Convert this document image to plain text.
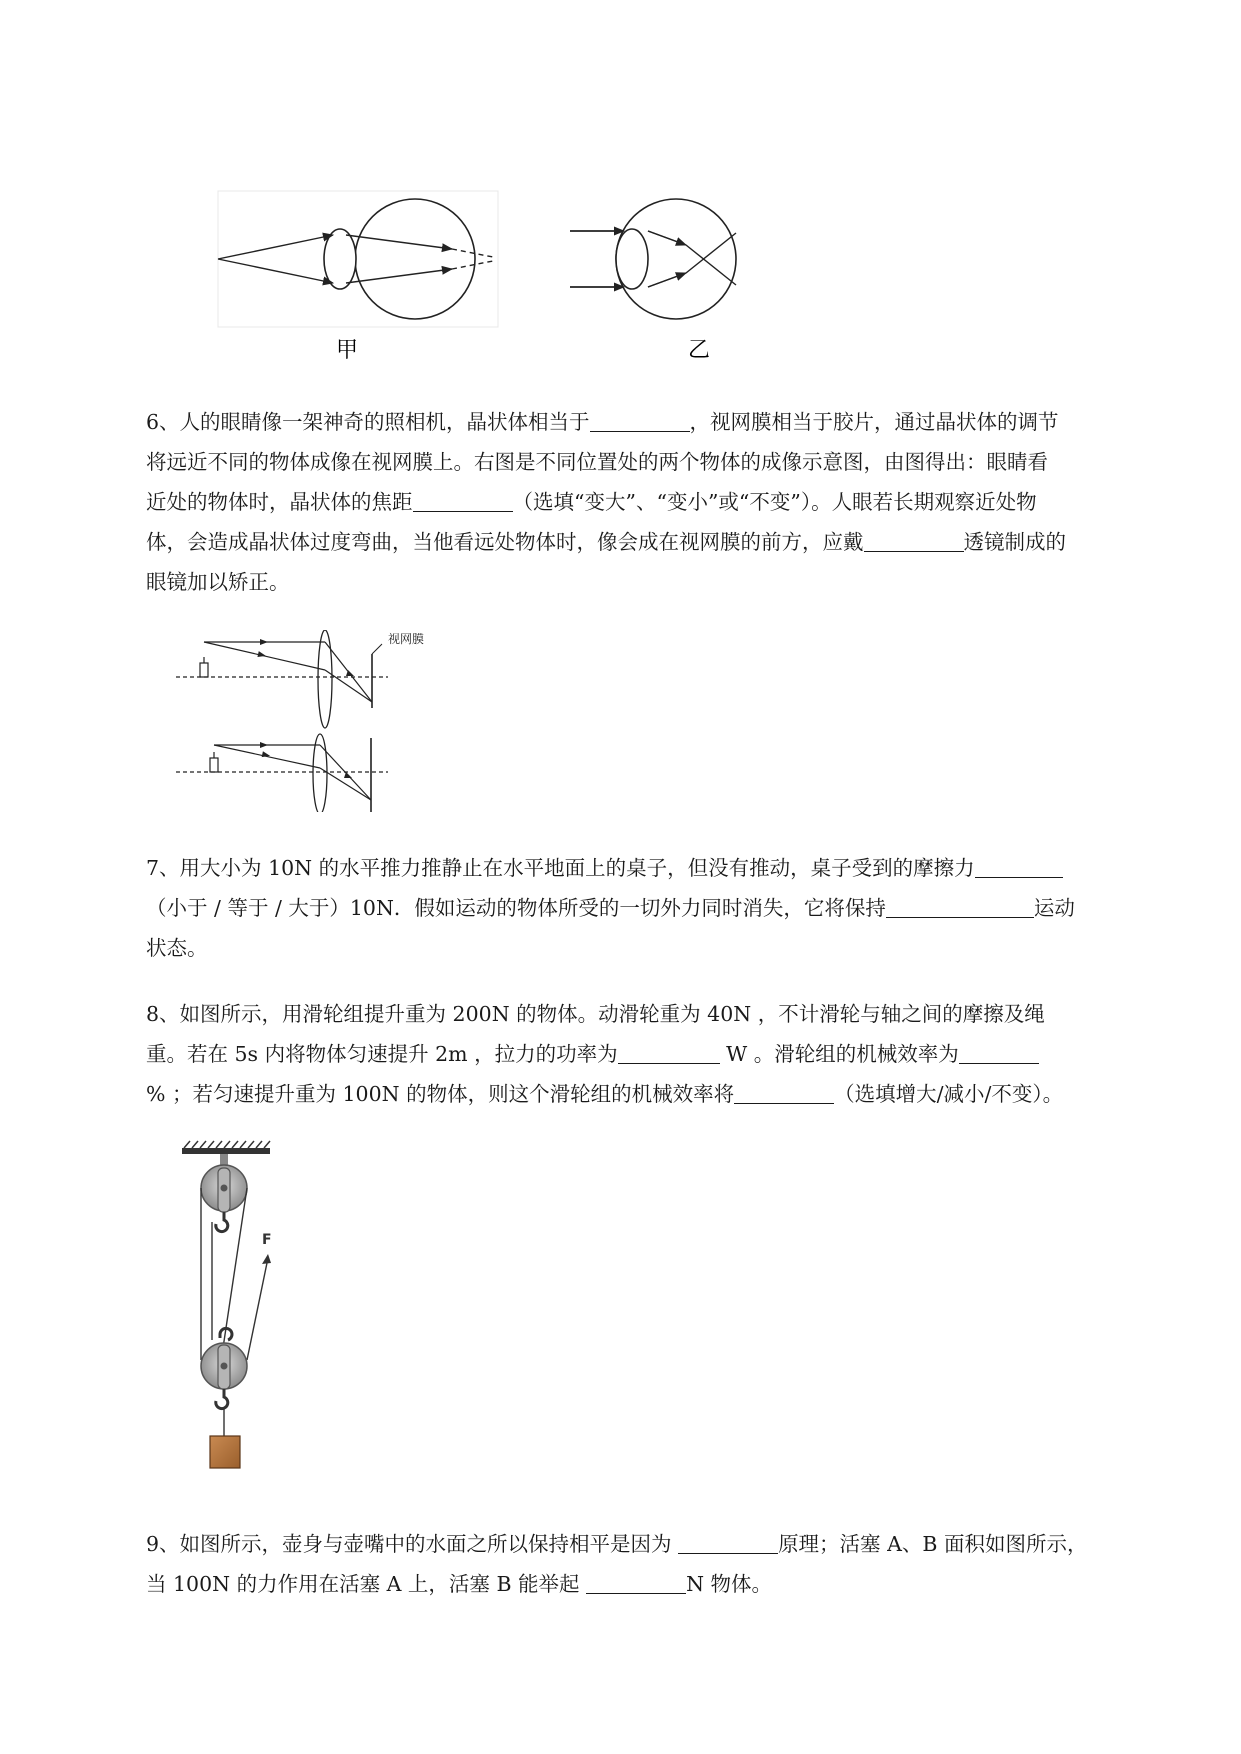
甲	乙

6、人的眼睛像一架神奇的照相机，晶状体相当于	，视网膜相当于胶片，通过晶状体的调节

将远近不同的物体成像在视网膜上。右图是不同位置处的两个物体的成像示意图，由图得出：眼睛看

近处的物体时，晶状体的焦距	（选填“变大”、“变小”或“不变”）。人眼若长期观察近处物

体，会造成晶状体过度弯曲，当他看远处物体时，像会成在视网膜的前方，应戴	透镜制成的

眼镜加以矫正。

视网膜

7、用大小为 10N 的水平推力推静止在水平地面上的桌子，但没有推动，桌子受到的摩擦力

（小于 / 等于 / 大于）10N．假如运动的物体所受的一切外力同时消失，它将保持	运动

状态。

8、如图所示，用滑轮组提升重为 200N 的物体。动滑轮重为 40N ，不计滑轮与轴之间的摩擦及绳

重。若在 5s 内将物体匀速提升 2m ，拉力的功率为	W 。滑轮组的机械效率为

% ；若匀速提升重为 100N 的物体，则这个滑轮组的机械效率将	（选填增大/减小/不变）。

F

9、如图所示，壶身与壶嘴中的水面之所以保持相平是因为	原理；活塞 A、B 面积如图所示，

当 100N 的力作用在活塞 A 上，活塞 B 能举起	N 物体。
